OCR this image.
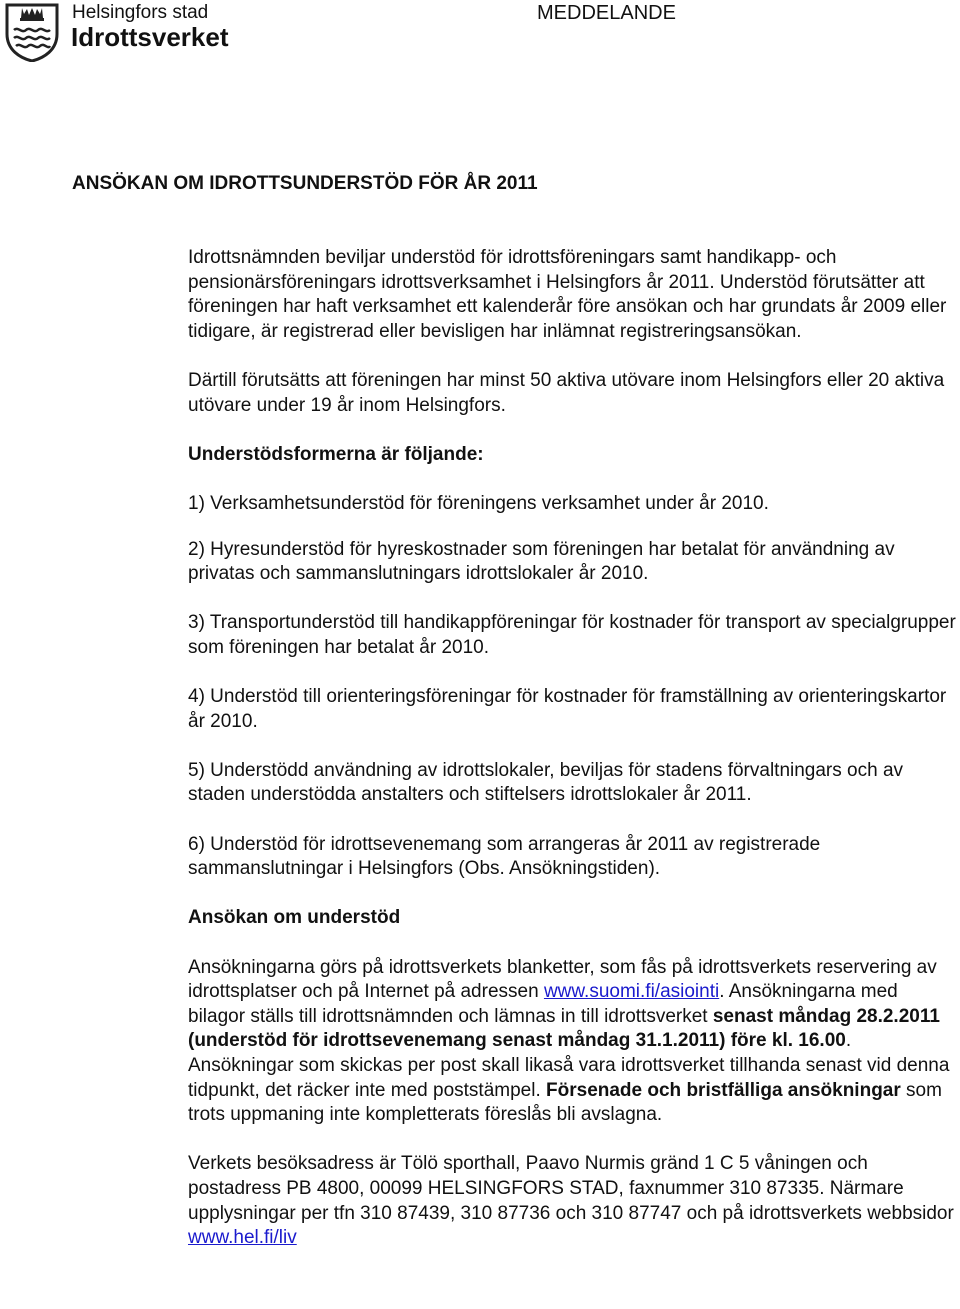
Helsingfors stad
Idrottsverket
MEDDELANDE
ANSÖKAN OM IDROTTSUNDERSTÖD FÖR ÅR 2011

Idrottsnämnden beviljar understöd för idrottsföreningars samt handikapp- och pensionärsföreningars idrottsverksamhet i Helsingfors år 2011. Understöd förutsätter att föreningen har haft verksamhet ett kalenderår före ansökan och har grundats år 2009 eller tidigare, är registrerad eller bevisligen har inlämnat registreringsansökan.

Därtill förutsätts att föreningen har minst 50 aktiva utövare inom Helsingfors eller 20 aktiva utövare under 19 år inom Helsingfors.

Understödsformerna är följande:

1) Verksamhetsunderstöd för föreningens verksamhet under år 2010.

2) Hyresunderstöd för hyreskostnader som föreningen har betalat för användning av privatas och sammanslutningars idrottslokaler år 2010.

3) Transportunderstöd till handikappföreningar för kostnader för transport av specialgrupper som föreningen har betalat år 2010.

4) Understöd till orienteringsföreningar för kostnader för framställning av orienteringskartor år 2010.

5) Understödd användning av idrottslokaler, beviljas för stadens förvaltningars och av staden understödda anstalters och stiftelsers idrottslokaler år 2011.

6) Understöd för idrottsevenemang som arrangeras år 2011 av registrerade sammanslutningar i Helsingfors (Obs. Ansökningstiden).

Ansökan om understöd

Ansökningarna görs på idrottsverkets blanketter, som fås på idrottsverkets reservering av idrottsplatser och på Internet på adressen www.suomi.fi/asiointi. Ansökningarna med bilagor ställs till idrottsnämnden och lämnas in till idrottsverket senast måndag 28.2.2011 (understöd för idrottsevenemang senast måndag 31.1.2011) före kl. 16.00. Ansökningar som skickas per post skall likaså vara idrottsverket tillhanda senast vid denna tidpunkt, det räcker inte med poststämpel. Försenade och bristfälliga ansökningar som trots uppmaning inte kompletterats föreslås bli avslagna.

Verkets besöksadress är Tölö sporthall, Paavo Nurmis gränd 1 C 5 våningen och postadress PB 4800, 00099 HELSINGFORS STAD, faxnummer 310 87335. Närmare upplysningar per tfn 310 87439, 310 87736 och 310 87747 och på idrottsverkets webbsidor www.hel.fi/liv
